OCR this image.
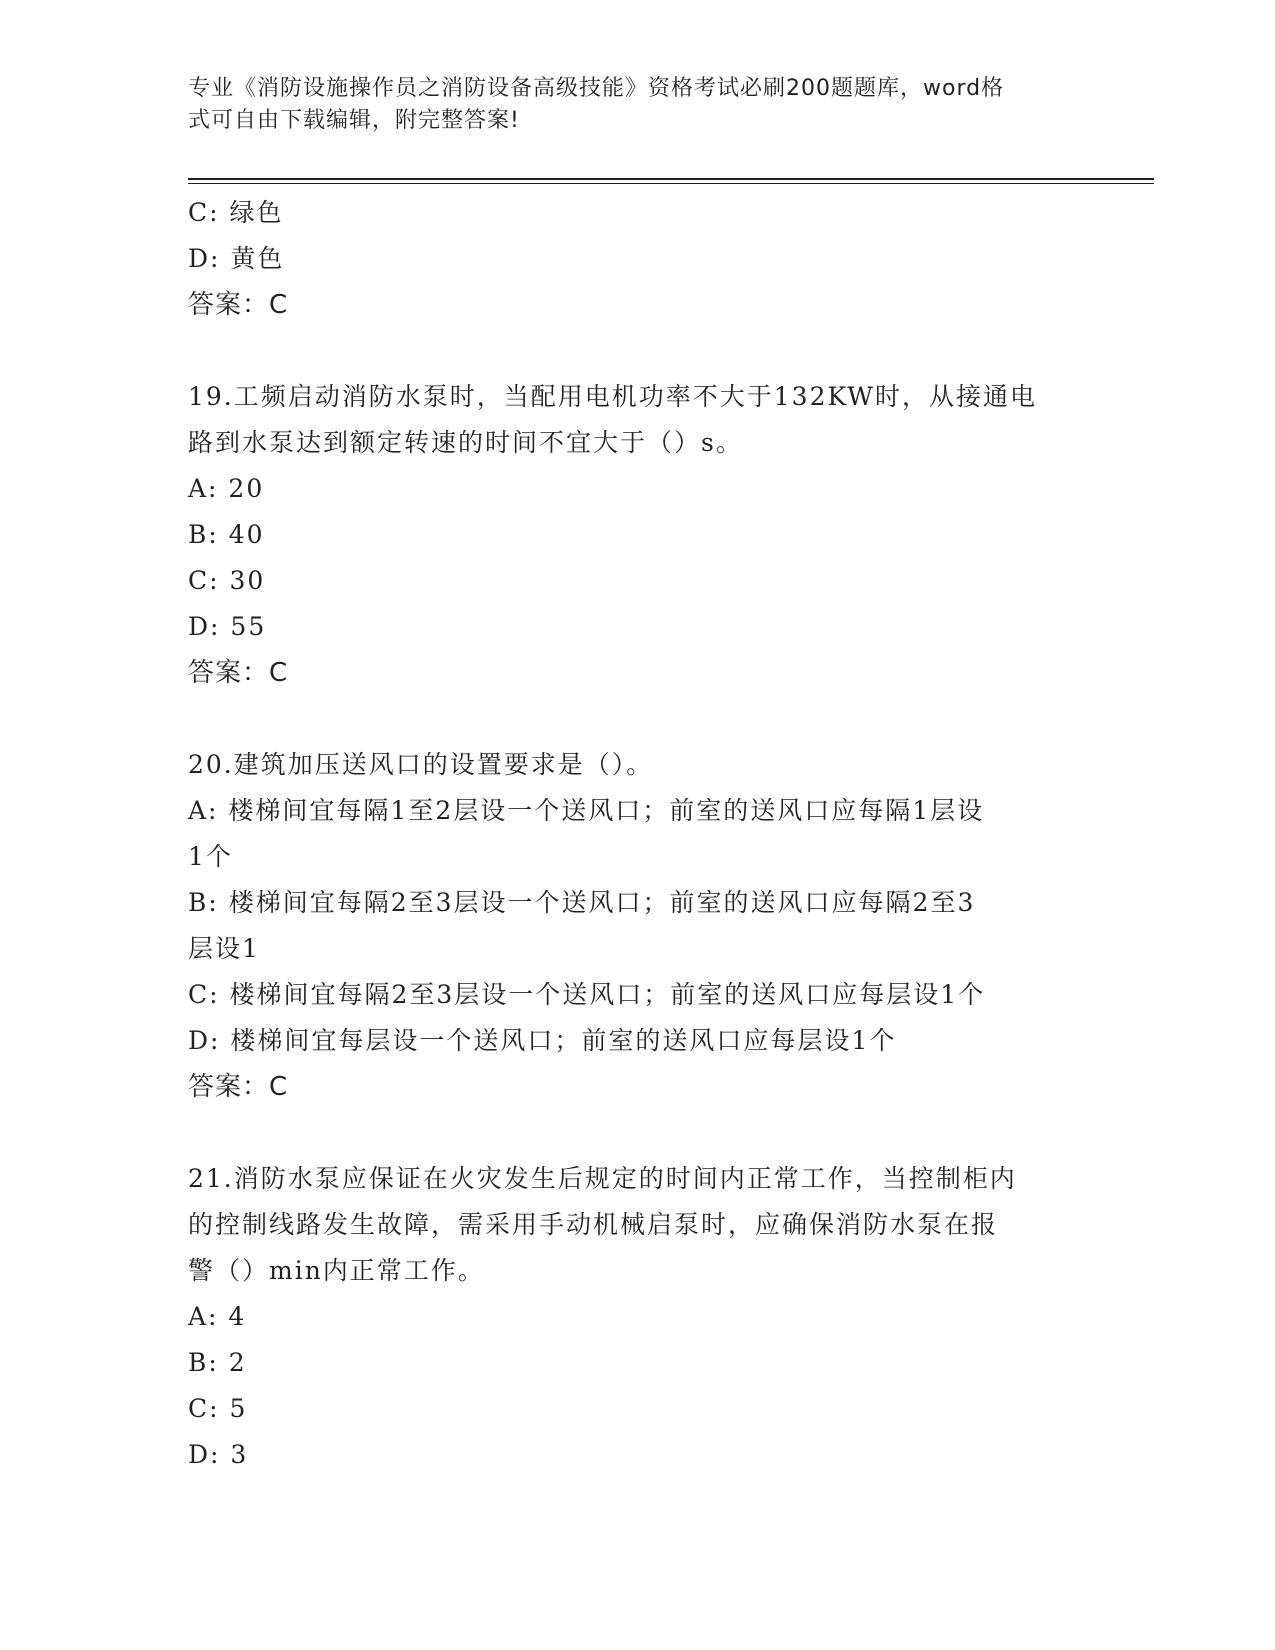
专业《消防设施操作员之消防设备高级技能》资格考试必刷200题题库，word格
式可自由下载编辑，附完整答案!
C: 绿色
D: 黄色
答案：C
19.工频启动消防水泵时，当配用电机功率不大于132KW时，从接通电
路到水泵达到额定转速的时间不宜大于（）s。
A: 20
B: 40
C: 30
D: 55
答案：C
20.建筑加压送风口的设置要求是（）。
A: 楼梯间宜每隔1至2层设一个送风口；前室的送风口应每隔1层设
1个
B: 楼梯间宜每隔2至3层设一个送风口；前室的送风口应每隔2至3
层设1
C: 楼梯间宜每隔2至3层设一个送风口；前室的送风口应每层设1个
D: 楼梯间宜每层设一个送风口；前室的送风口应每层设1个
答案：C
21.消防水泵应保证在火灾发生后规定的时间内正常工作，当控制柜内
的控制线路发生故障，需采用手动机械启泵时，应确保消防水泵在报
警（）min内正常工作。
A: 4
B: 2
C: 5
D: 3
